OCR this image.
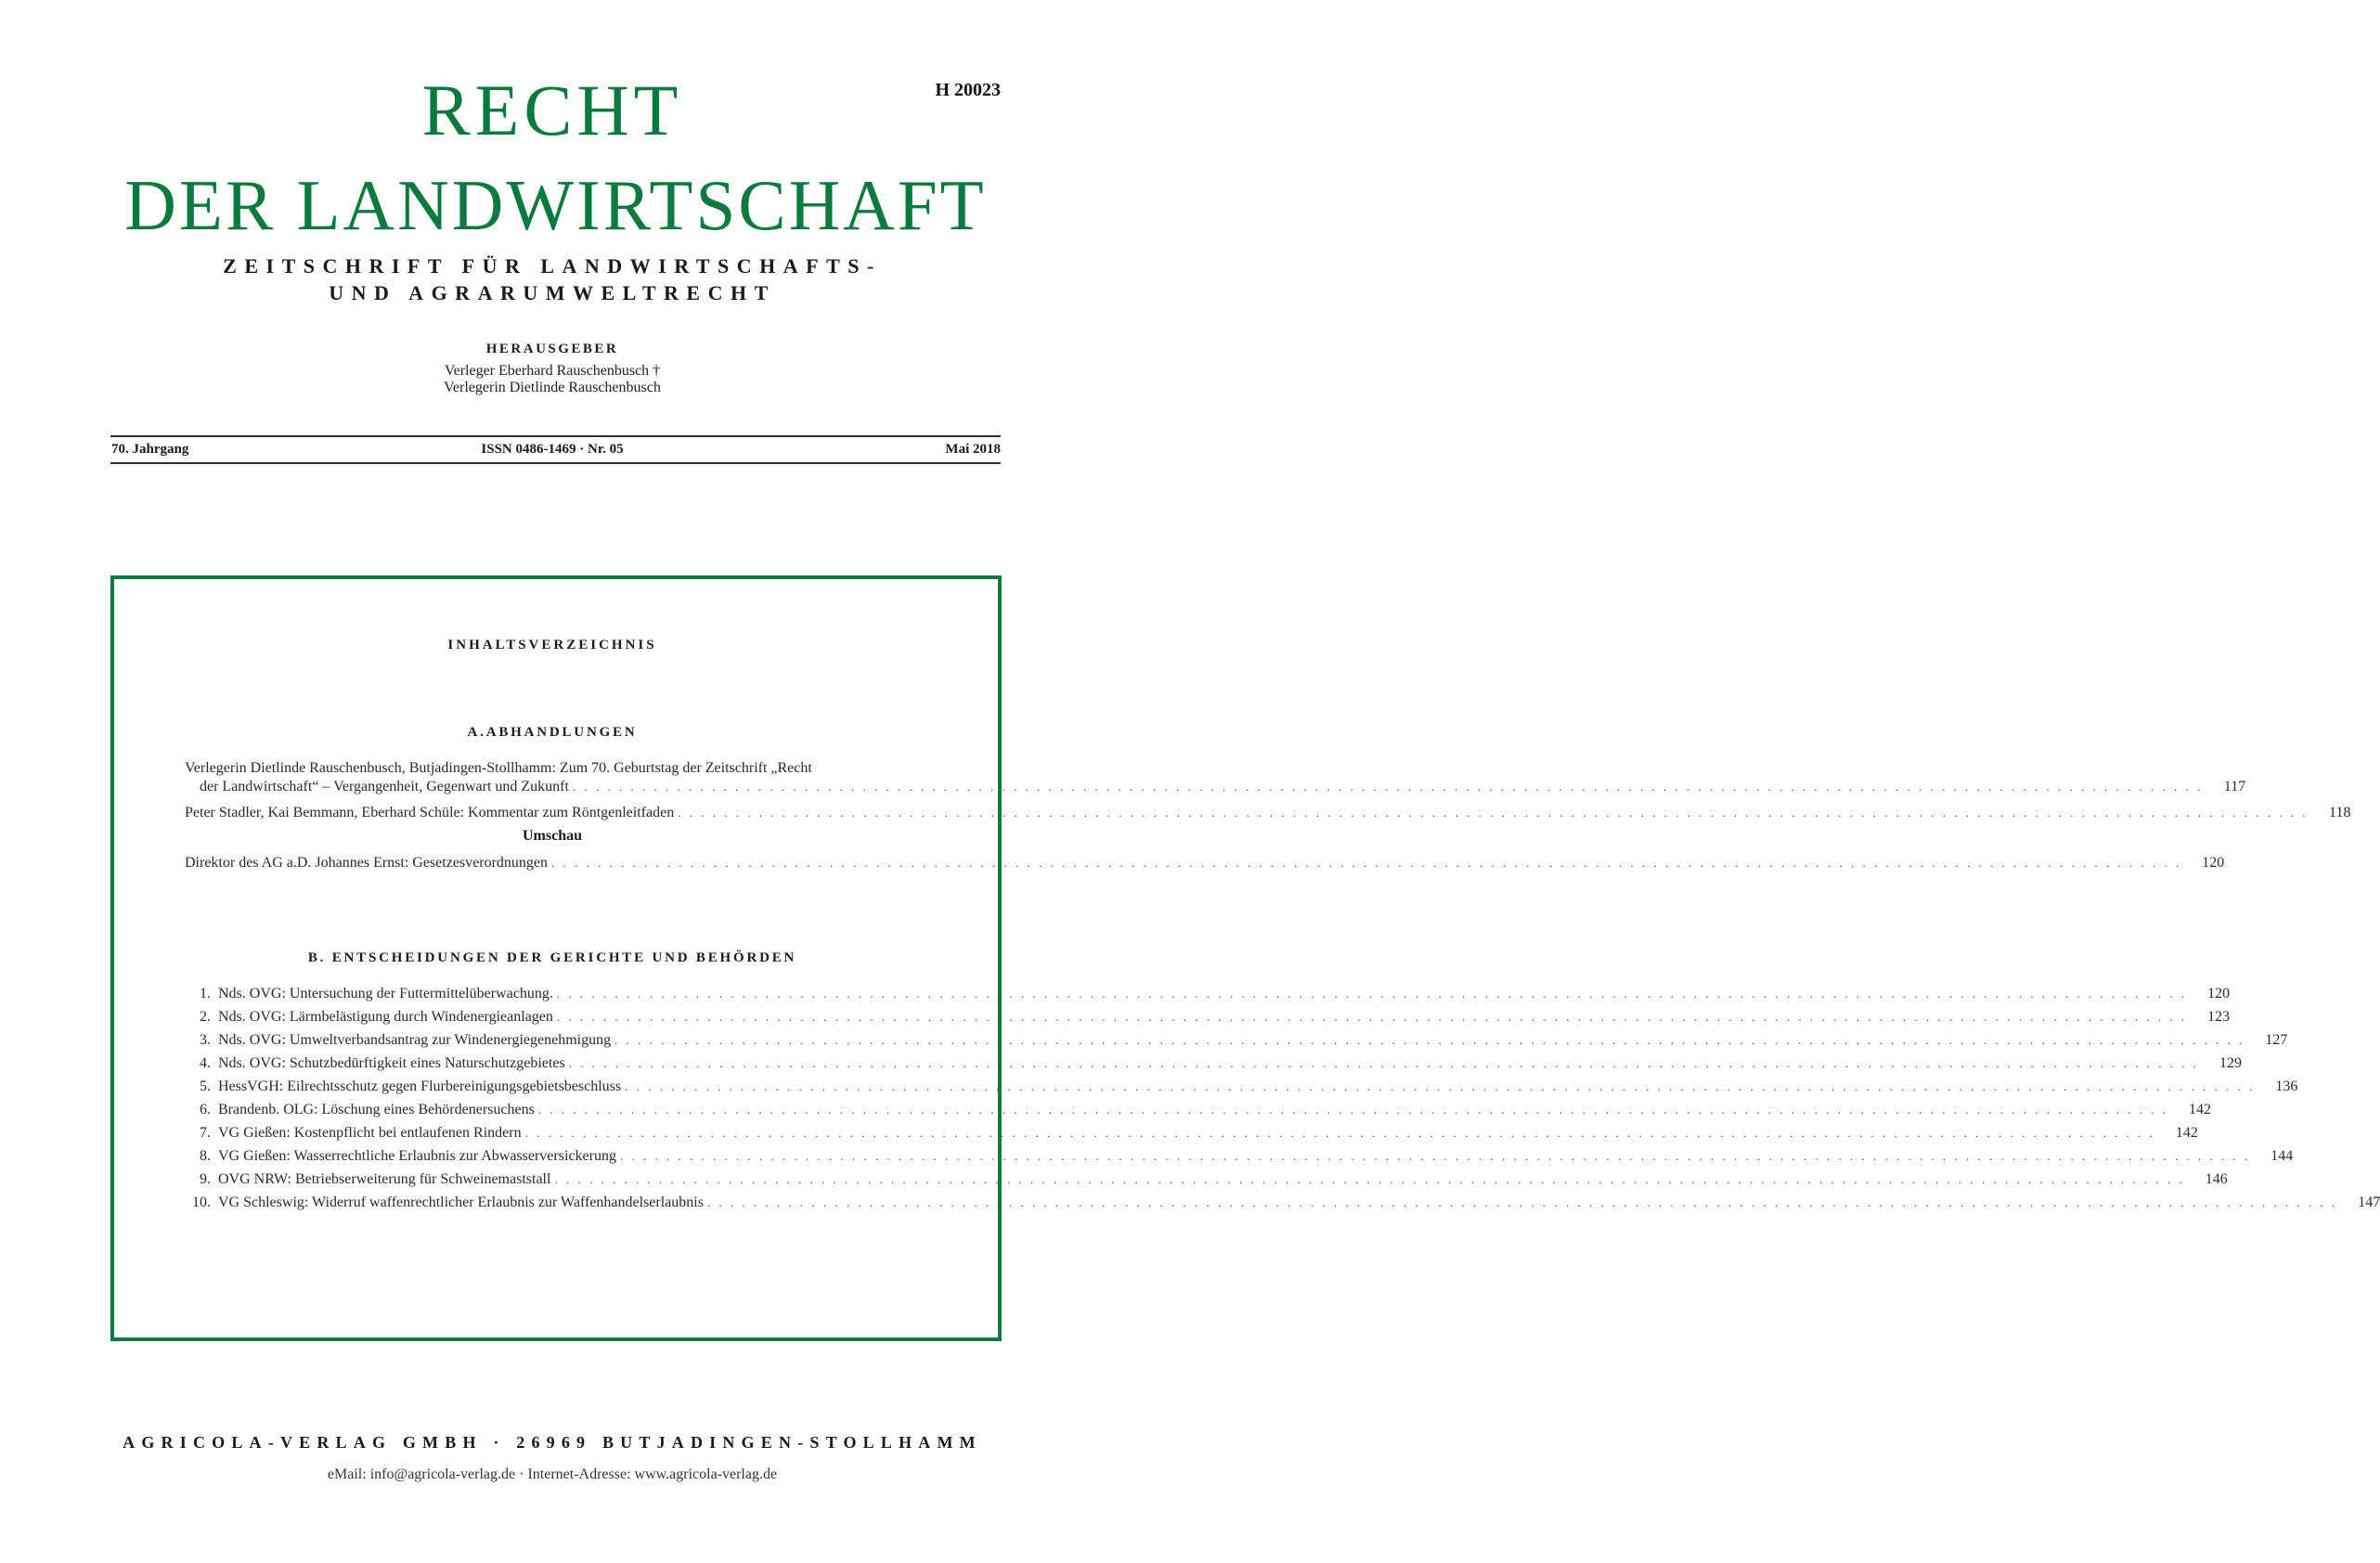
H 20023
RECHT
DER LANDWIRTSCHAFT
ZEITSCHRIFT FÜR LANDWIRTSCHAFTS-
UND AGRARUMWELTRECHT
HERAUSGEBER
Verleger Eberhard Rauschenbusch †
Verlegerin Dietlinde Rauschenbusch
70. Jahrgang	ISSN 0486-1469 · Nr. 05	Mai 2018
INHALTSVERZEICHNIS
A.ABHANDLUNGEN
Verlegerin Dietlinde Rauschenbusch, Butjadingen-Stollhamm: Zum 70. Geburtstag der Zeitschrift „Recht
der Landwirtschaft“ – Vergangenheit, Gegenwart und Zukunft . . .	117
Peter Stadler, Kai Bemmann, Eberhard Schüle: Kommentar zum Röntgenleitfaden . . .	118
Umschau
Direktor des AG a.D. Johannes Ernst: Gesetzesverordnungen . . .	120
B. ENTSCHEIDUNGEN DER GERICHTE UND BEHÖRDEN
1. Nds. OVG: Untersuchung der Futtermittelüberwachung. . . .	120
2. Nds. OVG: Lärmbelästigung durch Windenergieanlagen . . .	123
3. Nds. OVG: Umweltverbandsantrag zur Windenergiegenehmigung . . .	127
4. Nds. OVG: Schutzbedürftigkeit eines Naturschutzgebietes . . .	129
5. HessVGH: Eilrechtsschutz gegen Flurbereinigungsgebietsbeschluss . . .	136
6. Brandenb. OLG: Löschung eines Behördenersuchens . . .	142
7. VG Gießen: Kostenpflicht bei entlaufenen Rindern . . .	142
8. VG Gießen: Wasserrechtliche Erlaubnis zur Abwasserversickerung . . .	144
9. OVG NRW: Betriebserweiterung für Schweinemaststall . . .	146
10. VG Schleswig: Widerruf waffenrechtlicher Erlaubnis zur Waffenhandelserlaubnis . . .	147
AGRICOLA-VERLAG GMBH · 26969 BUTJADINGEN-STOLLHAMM
eMail: info@agricola-verlag.de · Internet-Adresse: www.agricola-verlag.de
